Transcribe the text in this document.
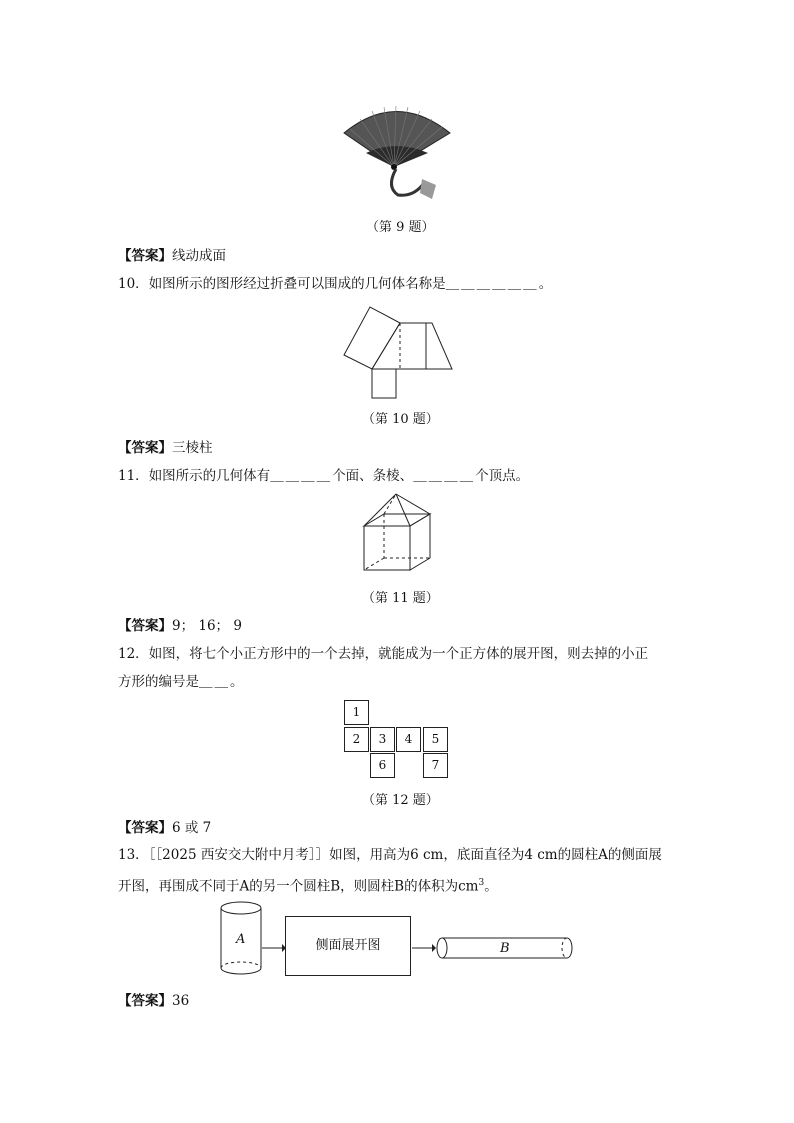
（第 9 题）
【答案】线动成面
10．如图所示的图形经过折叠可以围成的几何体名称是＿＿＿＿＿＿。
（第 10 题）
【答案】三棱柱
11．如图所示的几何体有＿＿＿＿个面、条棱、＿＿＿＿个顶点。
（第 11 题）
【答案】9； 16； 9
12．如图，将七个小正方形中的一个去掉，就能成为一个正方体的展开图，则去掉的小正
方形的编号是＿＿。
1
2	3	4	5
6	7
（第 12 题）
【答案】6 或 7
13．［［2025 西安交大附中月考］］如图，用高为6 cm，底面直径为4 cm的圆柱A的侧面展
开图，再围成不同于A的另一个圆柱B，则圆柱B的体积为$cm^3$。
A	侧面展开图	B
【答案】36
